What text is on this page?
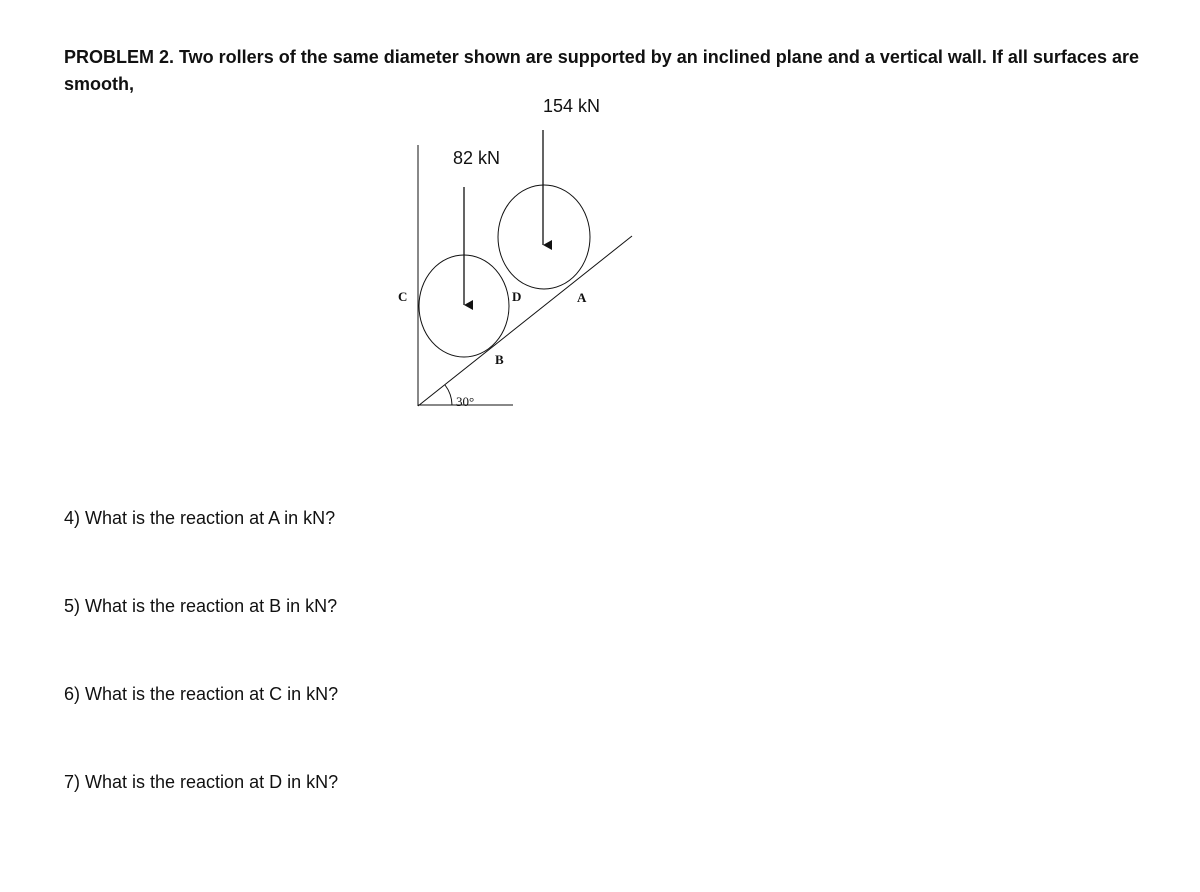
PROBLEM 2. Two rollers of the same diameter shown are supported by an inclined plane and a vertical wall. If all surfaces are smooth,

154 kN
82 kN
C	D	A
B
30°

4) What is the reaction at A in kN?

5) What is the reaction at B in kN?

6) What is the reaction at C in kN?

7) What is the reaction at D in kN?
